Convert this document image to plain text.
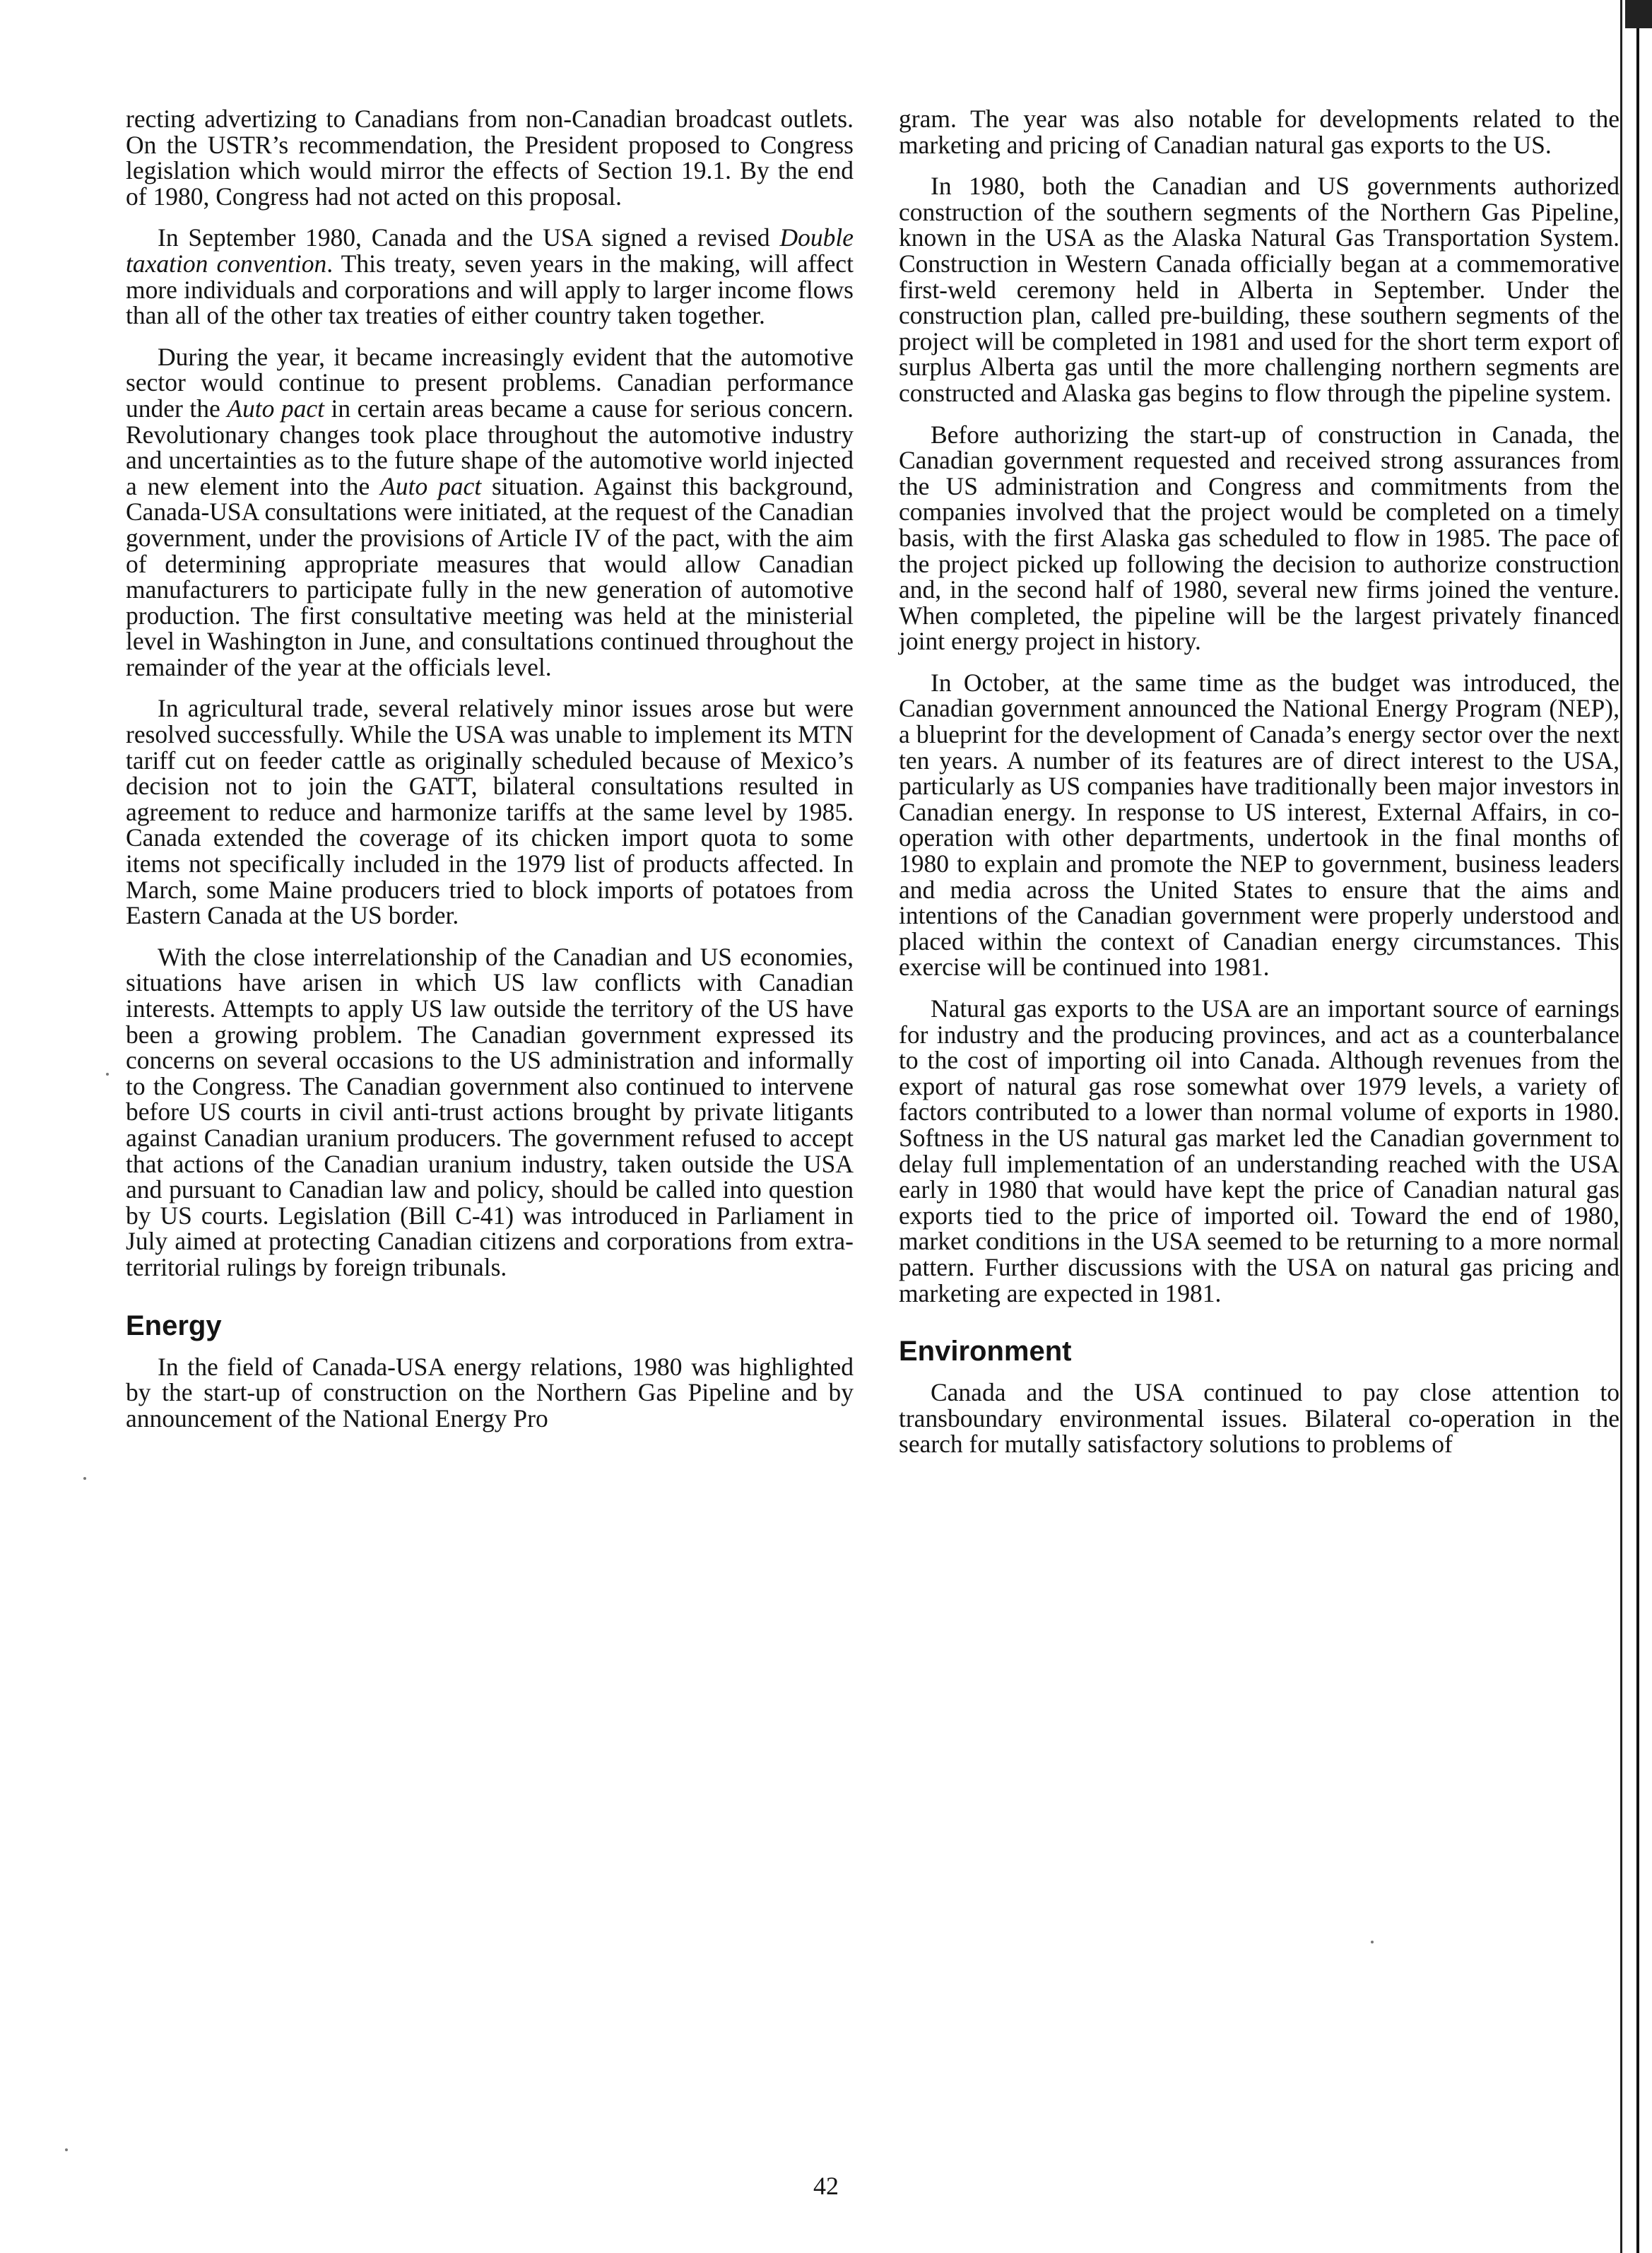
recting advertizing to Canadians from non-Canadian broadcast outlets. On the USTR’s recommendation, the President proposed to Congress legislation which would mirror the effects of Section 19.1. By the end of 1980, Congress had not acted on this proposal.

In September 1980, Canada and the USA signed a revised Double taxation convention. This treaty, seven years in the making, will affect more individuals and corporations and will apply to larger income flows than all of the other tax treaties of either country taken together.

During the year, it became increasingly evident that the automotive sector would continue to present problems. Canadian performance under the Auto pact in certain areas became a cause for serious concern. Revolutionary changes took place throughout the automotive industry and uncertainties as to the future shape of the automotive world injected a new element into the Auto pact situation. Against this background, Canada-USA consultations were initiated, at the request of the Canadian government, under the provisions of Article IV of the pact, with the aim of determining appropriate measures that would allow Canadian manufacturers to participate fully in the new generation of automotive production. The first consultative meeting was held at the ministerial level in Washington in June, and consultations continued throughout the remainder of the year at the officials level.

In agricultural trade, several relatively minor issues arose but were resolved successfully. While the USA was unable to implement its MTN tariff cut on feeder cattle as originally scheduled because of Mexico’s decision not to join the GATT, bilateral consultations resulted in agreement to reduce and harmonize tariffs at the same level by 1985. Canada extended the coverage of its chicken import quota to some items not specifically included in the 1979 list of products affected. In March, some Maine producers tried to block imports of potatoes from Eastern Canada at the US border.

With the close interrelationship of the Canadian and US economies, situations have arisen in which US law conflicts with Canadian interests. Attempts to apply US law outside the territory of the US have been a growing problem. The Canadian government expressed its concerns on several occasions to the US administration and informally to the Congress. The Canadian government also continued to intervene before US courts in civil anti-trust actions brought by private litigants against Canadian uranium producers. The government refused to accept that actions of the Canadian uranium industry, taken outside the USA and pursuant to Canadian law and policy, should be called into question by US courts. Legislation (Bill C-41) was introduced in Parliament in July aimed at protecting Canadian citizens and corporations from extra-territorial rulings by foreign tribunals.

Energy

In the field of Canada-USA energy relations, 1980 was highlighted by the start-up of construction on the Northern Gas Pipeline and by announcement of the National Energy Pro

gram. The year was also notable for developments related to the marketing and pricing of Canadian natural gas exports to the US.

In 1980, both the Canadian and US governments authorized construction of the southern segments of the Northern Gas Pipeline, known in the USA as the Alaska Natural Gas Transportation System. Construction in Western Canada officially began at a commemorative first-weld ceremony held in Alberta in September. Under the construction plan, called pre-building, these southern segments of the project will be completed in 1981 and used for the short term export of surplus Alberta gas until the more challenging northern segments are constructed and Alaska gas begins to flow through the pipeline system.

Before authorizing the start-up of construction in Canada, the Canadian government requested and received strong assurances from the US administration and Congress and commitments from the companies involved that the project would be completed on a timely basis, with the first Alaska gas scheduled to flow in 1985. The pace of the project picked up following the decision to authorize construction and, in the second half of 1980, several new firms joined the venture. When completed, the pipeline will be the largest privately financed joint energy project in history.

In October, at the same time as the budget was introduced, the Canadian government announced the National Energy Program (NEP), a blueprint for the development of Canada’s energy sector over the next ten years. A number of its features are of direct interest to the USA, particularly as US companies have traditionally been major investors in Canadian energy. In response to US interest, External Affairs, in co-operation with other departments, undertook in the final months of 1980 to explain and promote the NEP to government, business leaders and media across the United States to ensure that the aims and intentions of the Canadian government were properly understood and placed within the context of Canadian energy circumstances. This exercise will be continued into 1981.

Natural gas exports to the USA are an important source of earnings for industry and the producing provinces, and act as a counterbalance to the cost of importing oil into Canada. Although revenues from the export of natural gas rose somewhat over 1979 levels, a variety of factors contributed to a lower than normal volume of exports in 1980. Softness in the US natural gas market led the Canadian government to delay full implementation of an understanding reached with the USA early in 1980 that would have kept the price of Canadian natural gas exports tied to the price of imported oil. Toward the end of 1980, market conditions in the USA seemed to be returning to a more normal pattern. Further discussions with the USA on natural gas pricing and marketing are expected in 1981.

Environment

Canada and the USA continued to pay close attention to transboundary environmental issues. Bilateral co-operation in the search for mutally satisfactory solutions to problems of

42
